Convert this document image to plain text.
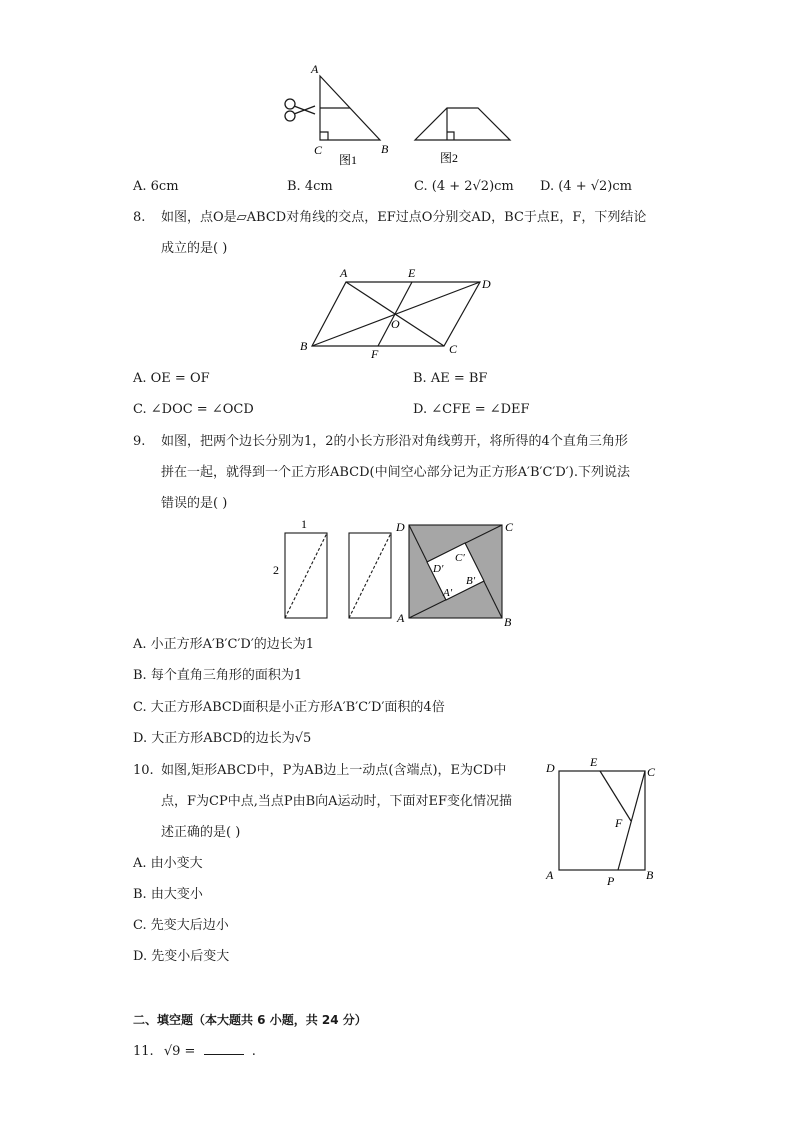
A
C	B
图1	图2
A. 6cm	B. 4cm	C. (4 + 2√2)cm D. (4 + √2)cm
8. 如图，点O是▱ABCD对角线的交点，EF过点O分别交AD，BC于点E，F，下列结论
成立的是( )
A	E
D
O
B
F	C
A. OE = OF	B. AE = BF
C. ∠DOC = ∠OCD	D. ∠CFE = ∠DEF
9. 如图，把两个边长分别为1，2的小长方形沿对角线剪开，将所得的4个直角三角形
拼在一起，就得到一个正方形ABCD(中间空心部分记为正方形A′B′C′D′).下列说法
错误的是( )
1
2
D	C
A	B
C′
D′
B′
A′
A. 小正方形A′B′C′D′的边长为1
B. 每个直角三角形的面积为1
C. 大正方形ABCD面积是小正方形A′B′C′D′面积的4倍
D. 大正方形ABCD的边长为√5
10. 如图,矩形ABCD中，P为AB边上一动点(含端点)，E为CD中
点，F为CP中点,当点P由B向A运动时，下面对EF变化情况描
述正确的是( )
D	E
C
F
A	P	B
A. 由小变大
B. 由大变小
C. 先变大后边小
D. 先变小后变大
二、填空题（本大题共 6 小题，共 24 分）
11. √9 =	.
